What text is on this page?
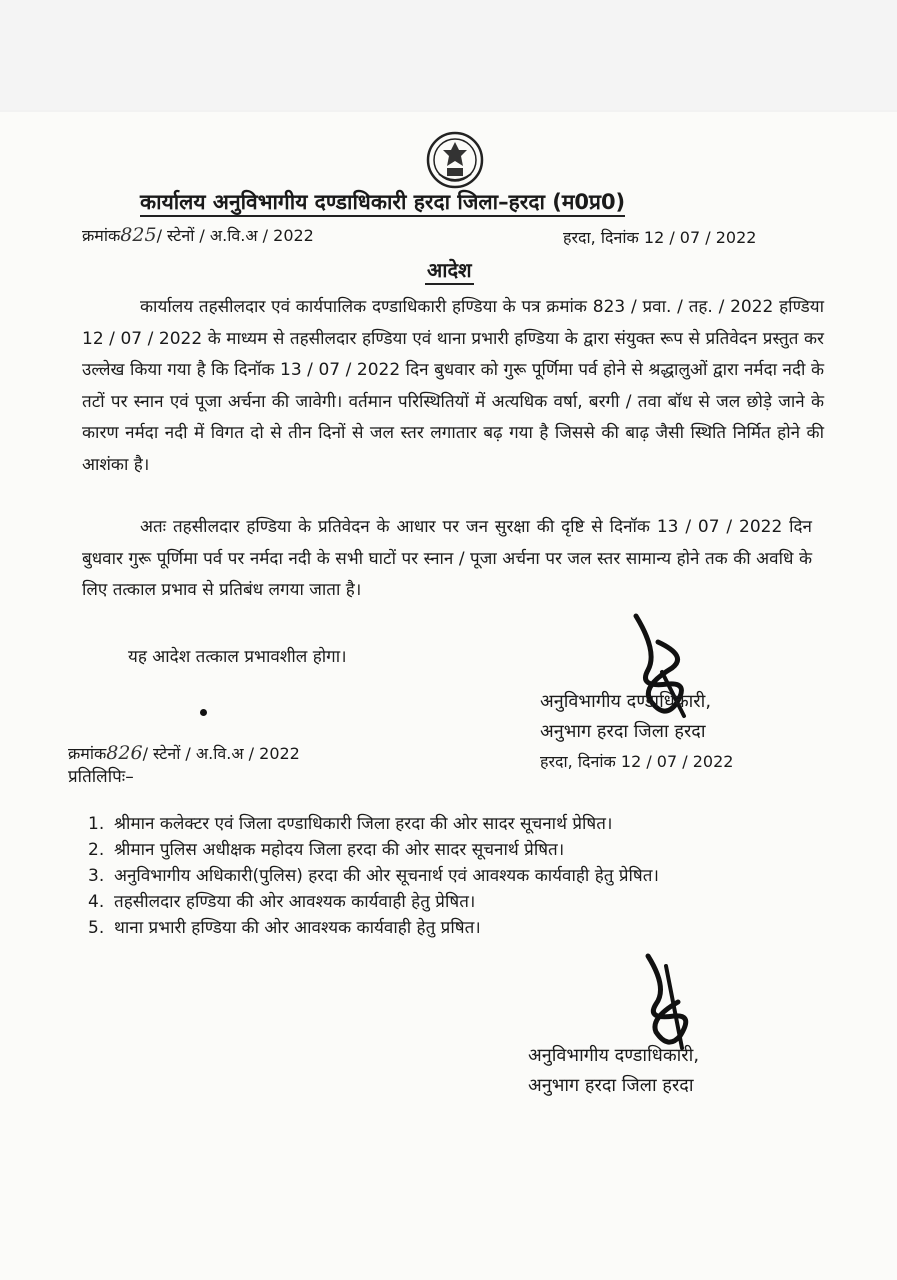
कार्यालय अनुविभागीय दण्डाधिकारी हरदा जिला–हरदा (म0प्र0)
क्रमांक825/ स्टेनों / अ.वि.अ / 2022	हरदा, दिनांक 12 / 07 / 2022
आदेश

कार्यालय तहसीलदार एवं कार्यपालिक दण्डाधिकारी हण्डिया के पत्र क्रमांक 823 / प्रवा. / तह. / 2022 हण्डिया 12 / 07 / 2022 के माध्यम से तहसीलदार हण्डिया एवं थाना प्रभारी हण्डिया के द्वारा संयुक्त रूप से प्रतिवेदन प्रस्तुत कर उल्लेख किया गया है कि दिनॉक 13 / 07 / 2022 दिन बुधवार को गुरू पूर्णिमा पर्व होने से श्रद्धालुओं द्वारा नर्मदा नदी के तटों पर स्नान एवं पूजा अर्चना की जावेगी। वर्तमान परिस्थितियों में अत्यधिक वर्षा, बरगी / तवा बॉध से जल छोड़े जाने के कारण नर्मदा नदी में विगत दो से तीन दिनों से जल स्तर लगातार बढ़ गया है जिससे की बाढ़ जैसी स्थिति निर्मित होने की आशंका है।

अतः तहसीलदार हण्डिया के प्रतिवेदन के आधार पर जन सुरक्षा की दृष्टि से दिनॉक 13 / 07 / 2022 दिन बुधवार गुरू पूर्णिमा पर्व पर नर्मदा नदी के सभी घाटों पर स्नान / पूजा अर्चना पर जल स्तर सामान्य होने तक की अवधि के लिए तत्काल प्रभाव से प्रतिबंध लगया जाता है।

यह आदेश तत्काल प्रभावशील होगा।
अनुविभागीय दण्डाधिकारी,
अनुभाग हरदा जिला हरदा
हरदा, दिनांक 12 / 07 / 2022
क्रमांक826/ स्टेनों / अ.वि.अ / 2022
प्रतिलिपिः–
1. श्रीमान कलेक्टर एवं जिला दण्डाधिकारी जिला हरदा की ओर सादर सूचनार्थ प्रेषित।
2. श्रीमान पुलिस अधीक्षक महोदय जिला हरदा की ओर सादर सूचनार्थ प्रेषित।
3. अनुविभागीय अधिकारी(पुलिस) हरदा की ओर सूचनार्थ एवं आवश्यक कार्यवाही हेतु प्रेषित।
4. तहसीलदार हण्डिया की ओर आवश्यक कार्यवाही हेतु प्रेषित।
5. थाना प्रभारी हण्डिया की ओर आवश्यक कार्यवाही हेतु प्रषित।
अनुविभागीय दण्डाधिकारी,
अनुभाग हरदा जिला हरदा
